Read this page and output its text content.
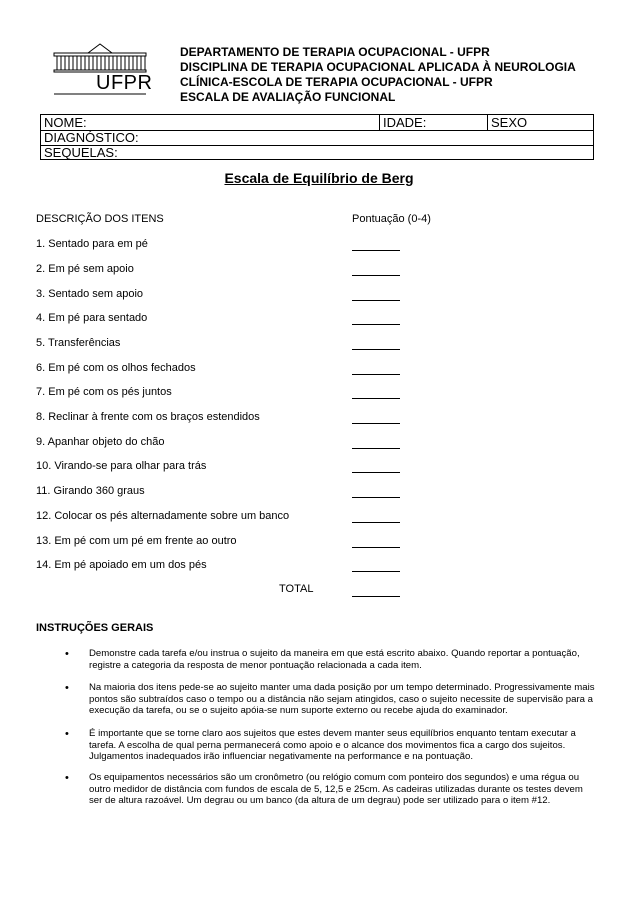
UFPR
DEPARTAMENTO DE TERAPIA OCUPACIONAL - UFPR
DISCIPLINA DE TERAPIA OCUPACIONAL APLICADA À NEUROLOGIA
CLÍNICA-ESCOLA DE TERAPIA OCUPACIONAL - UFPR
ESCALA DE AVALIAÇÃO FUNCIONAL
NOME:	IDADE:	SEXO
DIAGNÓSTICO:
SEQUELAS:
Escala de Equilíbrio de Berg
DESCRIÇÃO DOS ITENS	Pontuação (0-4)
1. Sentado para em pé
2. Em pé sem apoio
3. Sentado sem apoio
4. Em pé para sentado
5. Transferências
6. Em pé com os olhos fechados
7. Em pé com os pés juntos
8. Reclinar à frente com os braços estendidos
9. Apanhar objeto do chão
10. Virando-se para olhar para trás
11. Girando 360 graus
12. Colocar os pés alternadamente sobre um banco
13. Em pé com um pé em frente ao outro
14. Em pé apoiado em um dos pés
TOTAL
INSTRUÇÕES GERAIS
• Demonstre cada tarefa e/ou instrua o sujeito da maneira em que está escrito abaixo. Quando reportar a pontuação, registre a categoria da resposta de menor pontuação relacionada a cada item.

• Na maioria dos itens pede-se ao sujeito manter uma dada posição por um tempo determinado. Progressivamente mais pontos são subtraídos caso o tempo ou a distância não sejam atingidos, caso o sujeito necessite de supervisão para a execução da tarefa, ou se o sujeito apóia-se num suporte externo ou recebe ajuda do examinador.

• É importante que se torne claro aos sujeitos que estes devem manter seus equilíbrios enquanto tentam executar a tarefa. A escolha de qual perna permanecerá como apoio e o alcance dos movimentos fica a cargo dos sujeitos. Julgamentos inadequados irão influenciar negativamente na performance e na pontuação.

• Os equipamentos necessários são um cronômetro (ou relógio comum com ponteiro dos segundos) e uma régua ou outro medidor de distância com fundos de escala de 5, 12,5 e 25cm. As cadeiras utilizadas durante os testes devem ser de altura razoável. Um degrau ou um banco (da altura de um degrau) pode ser utilizado para o item #12.
